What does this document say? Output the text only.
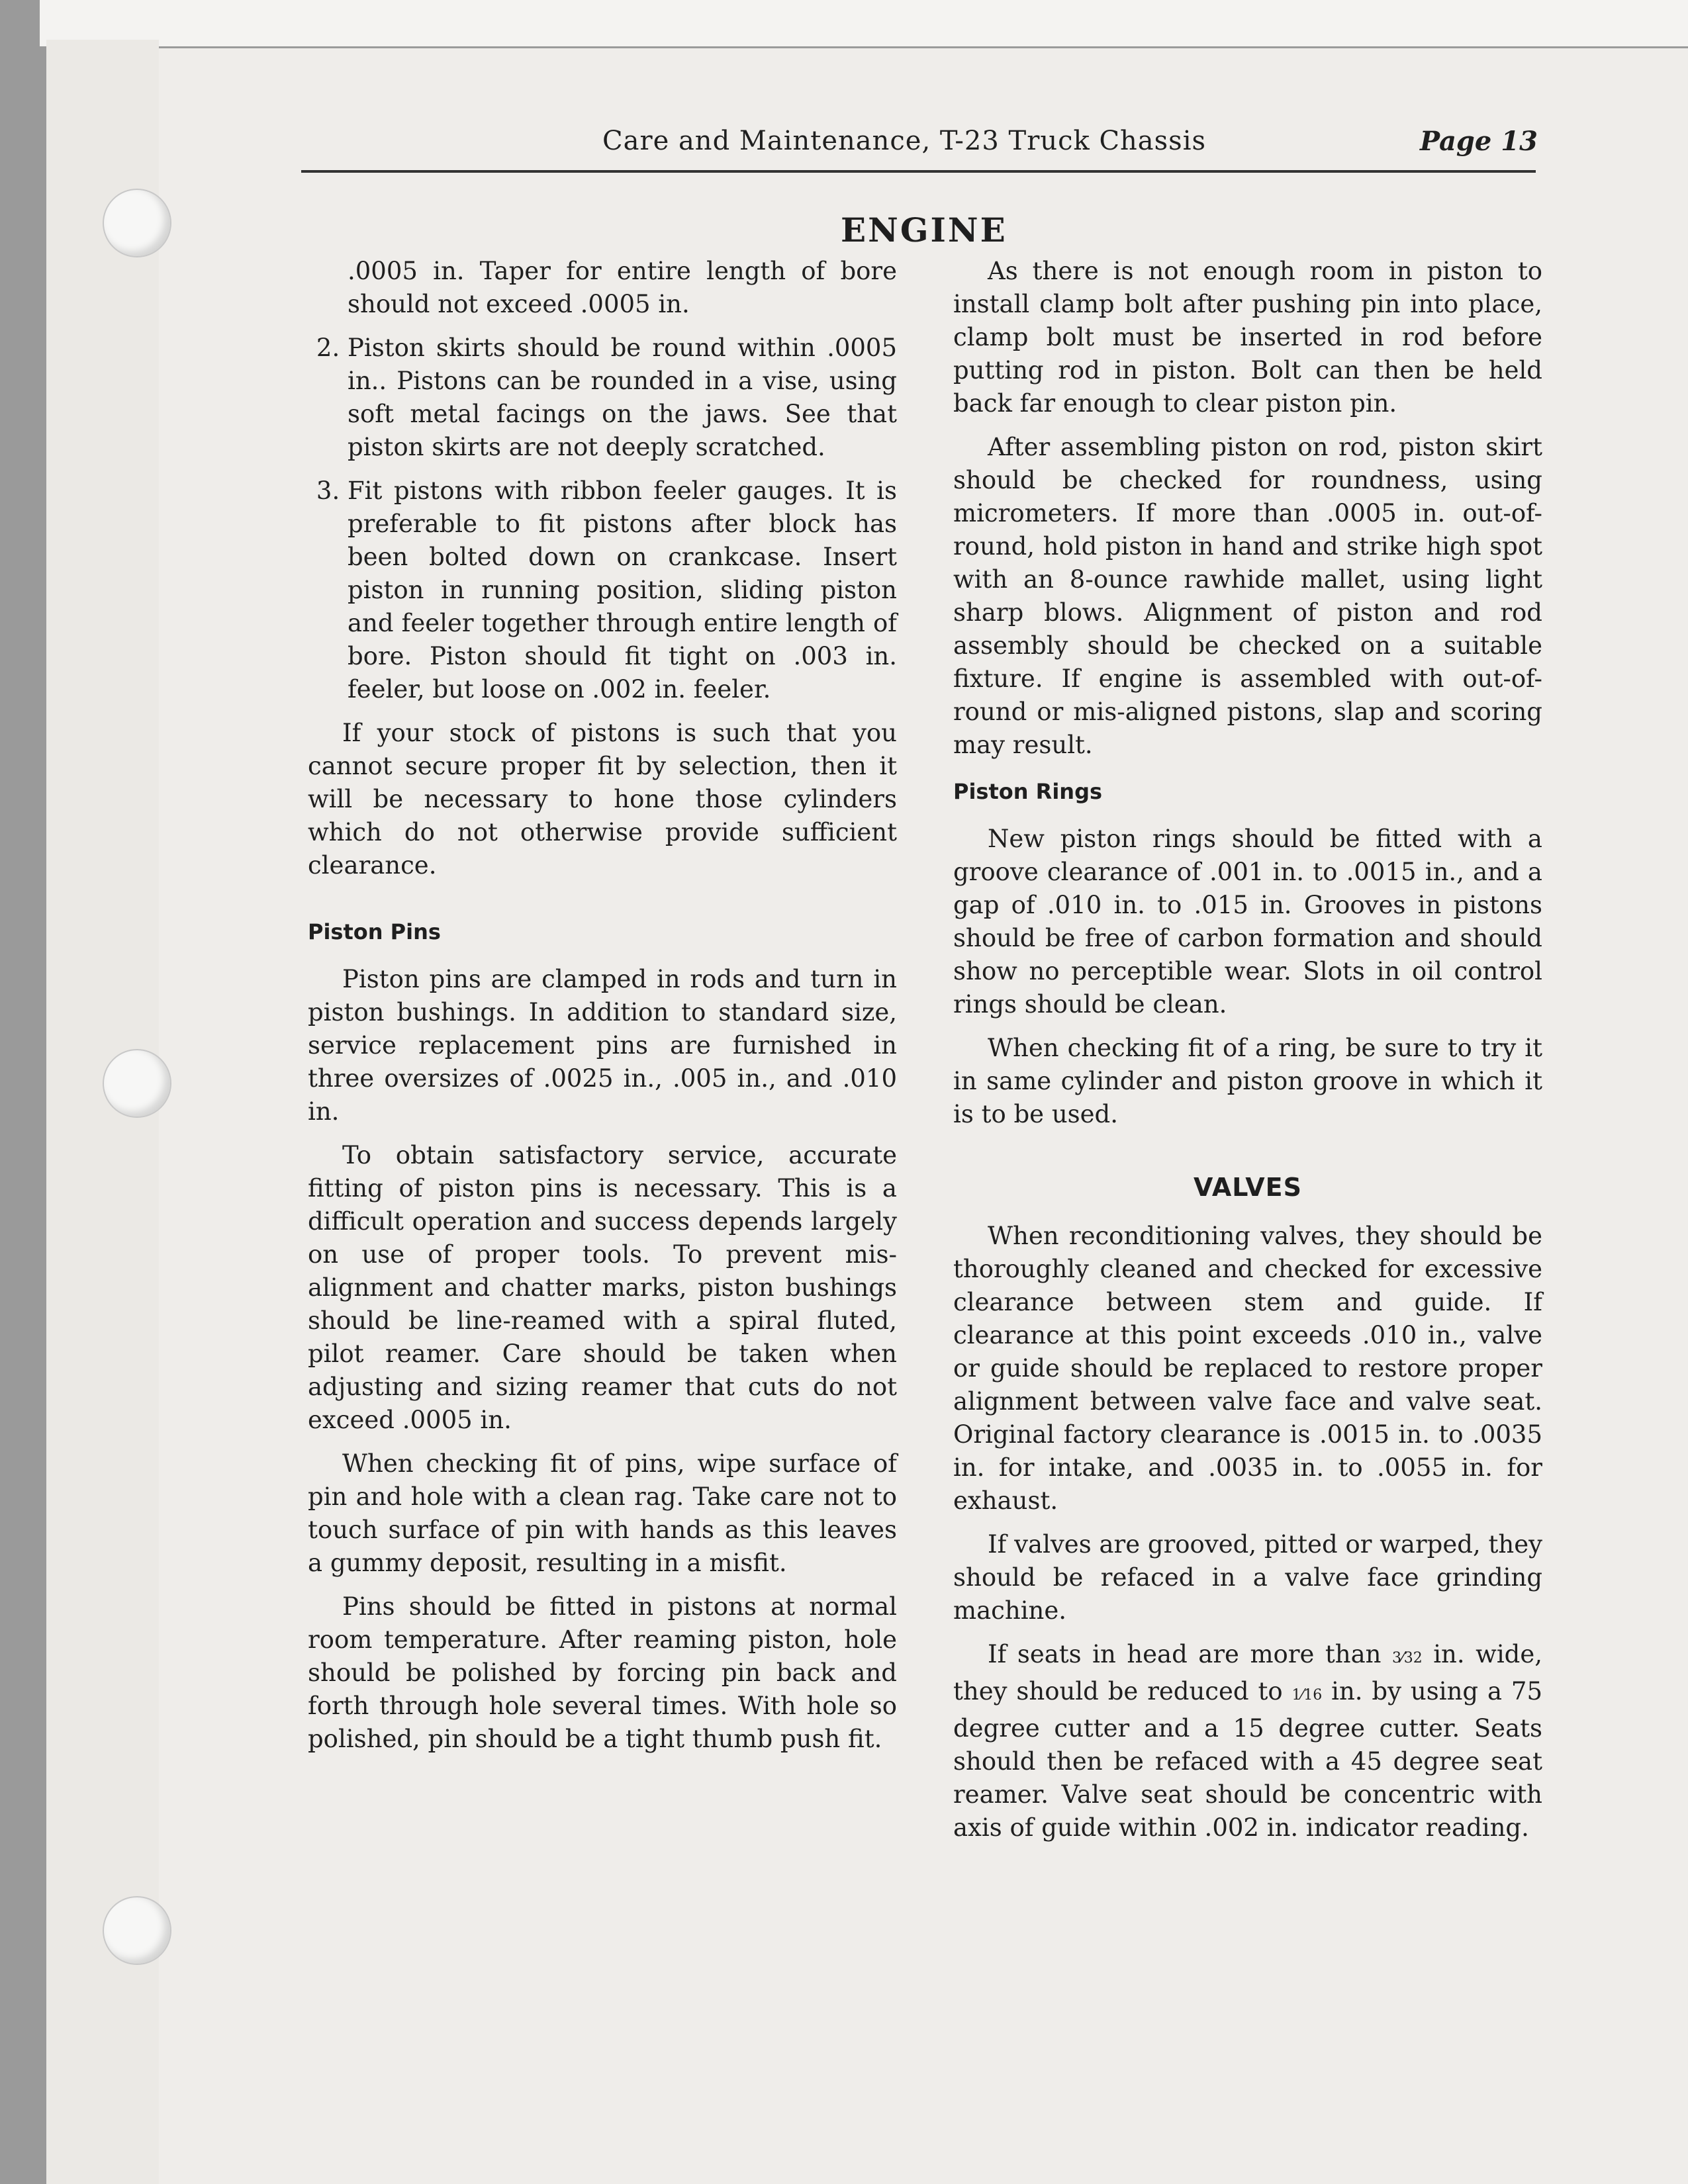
Care and Maintenance, T-23 Truck Chassis	Page 13
ENGINE

.0005 in. Taper for entire length of bore should not exceed .0005 in.

2. Piston skirts should be round within .0005 in.. Pistons can be rounded in a vise, using soft metal facings on the jaws. See that piston skirts are not deeply scratched.
3. Fit pistons with ribbon feeler gauges. It is preferable to fit pistons after block has been bolted down on crankcase. Insert piston in running position, sliding piston and feeler together through entire length of bore. Piston should fit tight on .003 in. feeler, but loose on .002 in. feeler.

If your stock of pistons is such that you cannot secure proper fit by selection, then it will be necessary to hone those cylinders which do not otherwise provide sufficient clearance.

Piston Pins

Piston pins are clamped in rods and turn in piston bushings. In addition to standard size, service replacement pins are furnished in three oversizes of .0025 in., .005 in., and .010 in.

To obtain satisfactory service, accurate fitting of piston pins is necessary. This is a difficult operation and success depends largely on use of proper tools. To prevent mis-alignment and chatter marks, piston bushings should be line-reamed with a spiral fluted, pilot reamer. Care should be taken when adjusting and sizing reamer that cuts do not exceed .0005 in.

When checking fit of pins, wipe surface of pin and hole with a clean rag. Take care not to touch surface of pin with hands as this leaves a gummy deposit, resulting in a misfit.

Pins should be fitted in pistons at normal room temperature. After reaming piston, hole should be polished by forcing pin back and forth through hole several times. With hole so polished, pin should be a tight thumb push fit.

As there is not enough room in piston to install clamp bolt after pushing pin into place, clamp bolt must be inserted in rod before putting rod in piston. Bolt can then be held back far enough to clear piston pin.

After assembling piston on rod, piston skirt should be checked for roundness, using micrometers. If more than .0005 in. out-of-round, hold piston in hand and strike high spot with an 8-ounce rawhide mallet, using light sharp blows. Alignment of piston and rod assembly should be checked on a suitable fixture. If engine is assembled with out-of-round or mis-aligned pistons, slap and scoring may result.

Piston Rings

New piston rings should be fitted with a groove clearance of .001 in. to .0015 in., and a gap of .010 in. to .015 in. Grooves in pistons should be free of carbon formation and should show no perceptible wear. Slots in oil control rings should be clean.

When checking fit of a ring, be sure to try it in same cylinder and piston groove in which it is to be used.

VALVES

When reconditioning valves, they should be thoroughly cleaned and checked for excessive clearance between stem and guide. If clearance at this point exceeds .010 in., valve or guide should be replaced to restore proper alignment between valve face and valve seat. Original factory clearance is .0015 in. to .0035 in. for intake, and .0035 in. to .0055 in. for exhaust.

If valves are grooved, pitted or warped, they should be refaced in a valve face grinding machine.

If seats in head are more than 3⁄32 in. wide, they should be reduced to 1⁄16 in. by using a 75 degree cutter and a 15 degree cutter. Seats should then be refaced with a 45 degree seat reamer. Valve seat should be concentric with axis of guide within .002 in. indicator reading.
